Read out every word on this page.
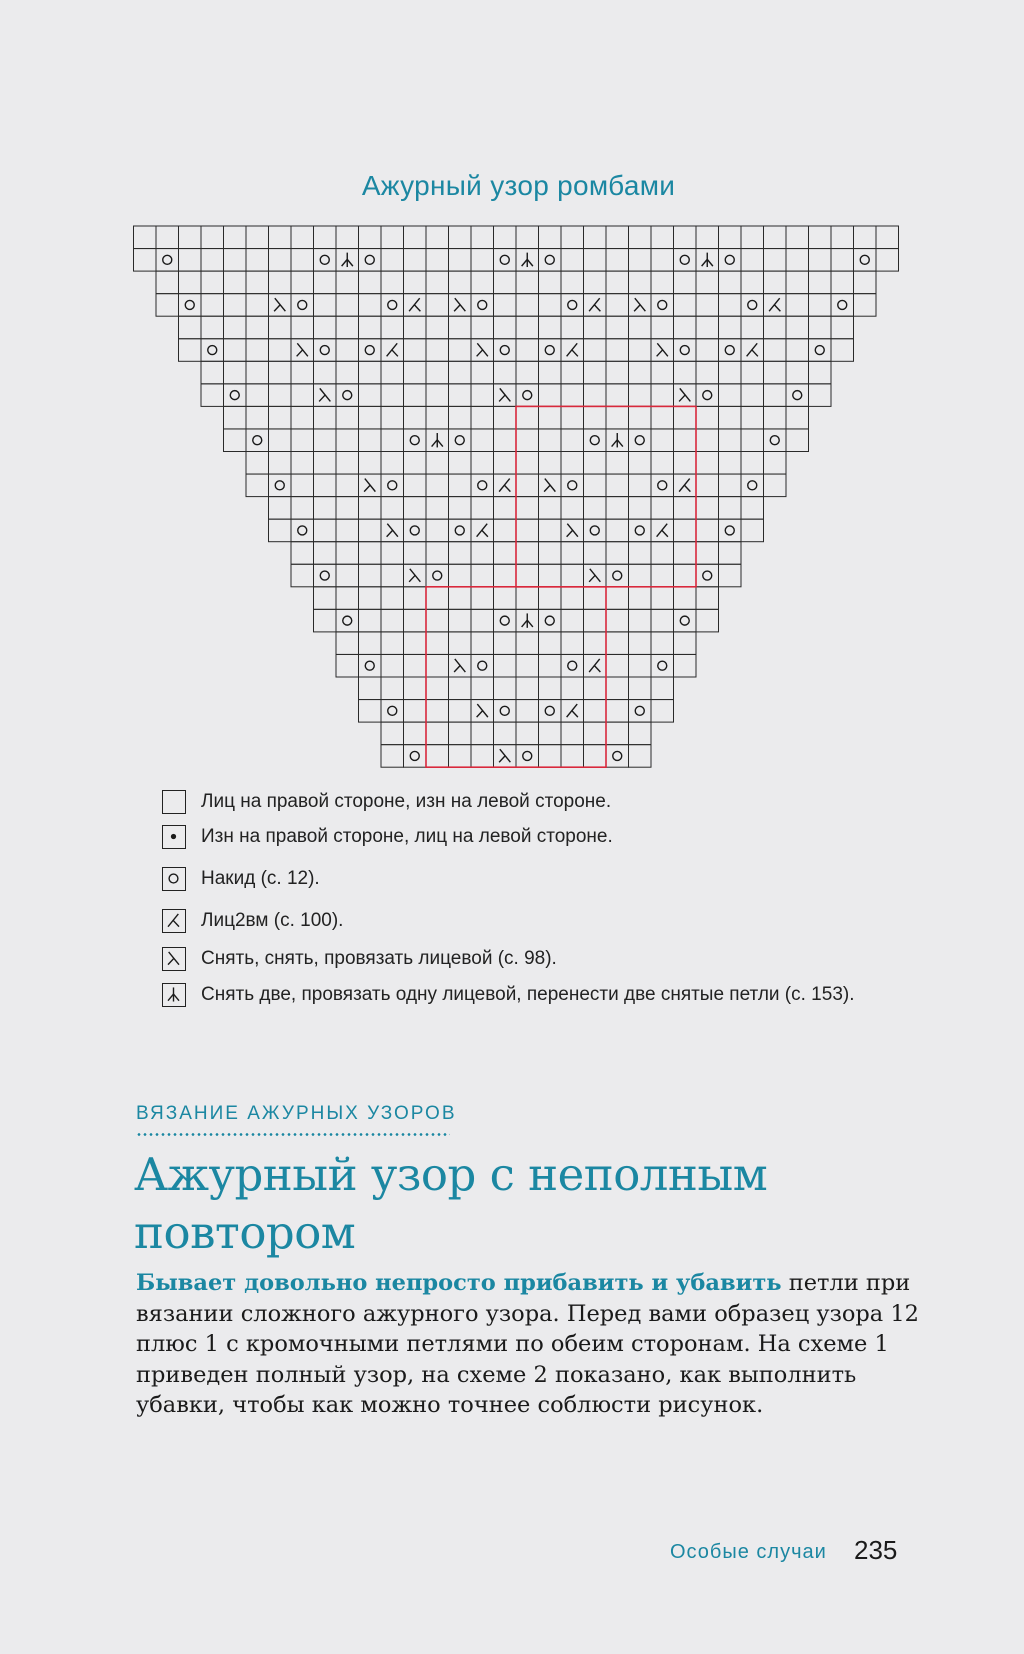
Ажурный узор ромбами
Лиц на правой стороне, изн на левой стороне.
Изн на правой стороне, лиц на левой стороне.
Накид (с. 12).
Лиц2вм (с. 100).
Снять, снять, провязать лицевой (с. 98).
Снять две, провязать одну лицевой, перенести две снятые петли (с. 153).
ВЯЗАНИЕ АЖУРНЫХ УЗОРОВ
Ажурный узор с неполным повтором
Бывает довольно непросто прибавить и убавить петли при вязании сложного ажурного узора. Перед вами образец узора 12 плюс 1 с кромочными петлями по обеим сторонам. На схеме 1 приведен полный узор, на схеме 2 показано, как выполнить убавки, чтобы как можно точнее соблюсти рисунок.
Особые случаи 235
